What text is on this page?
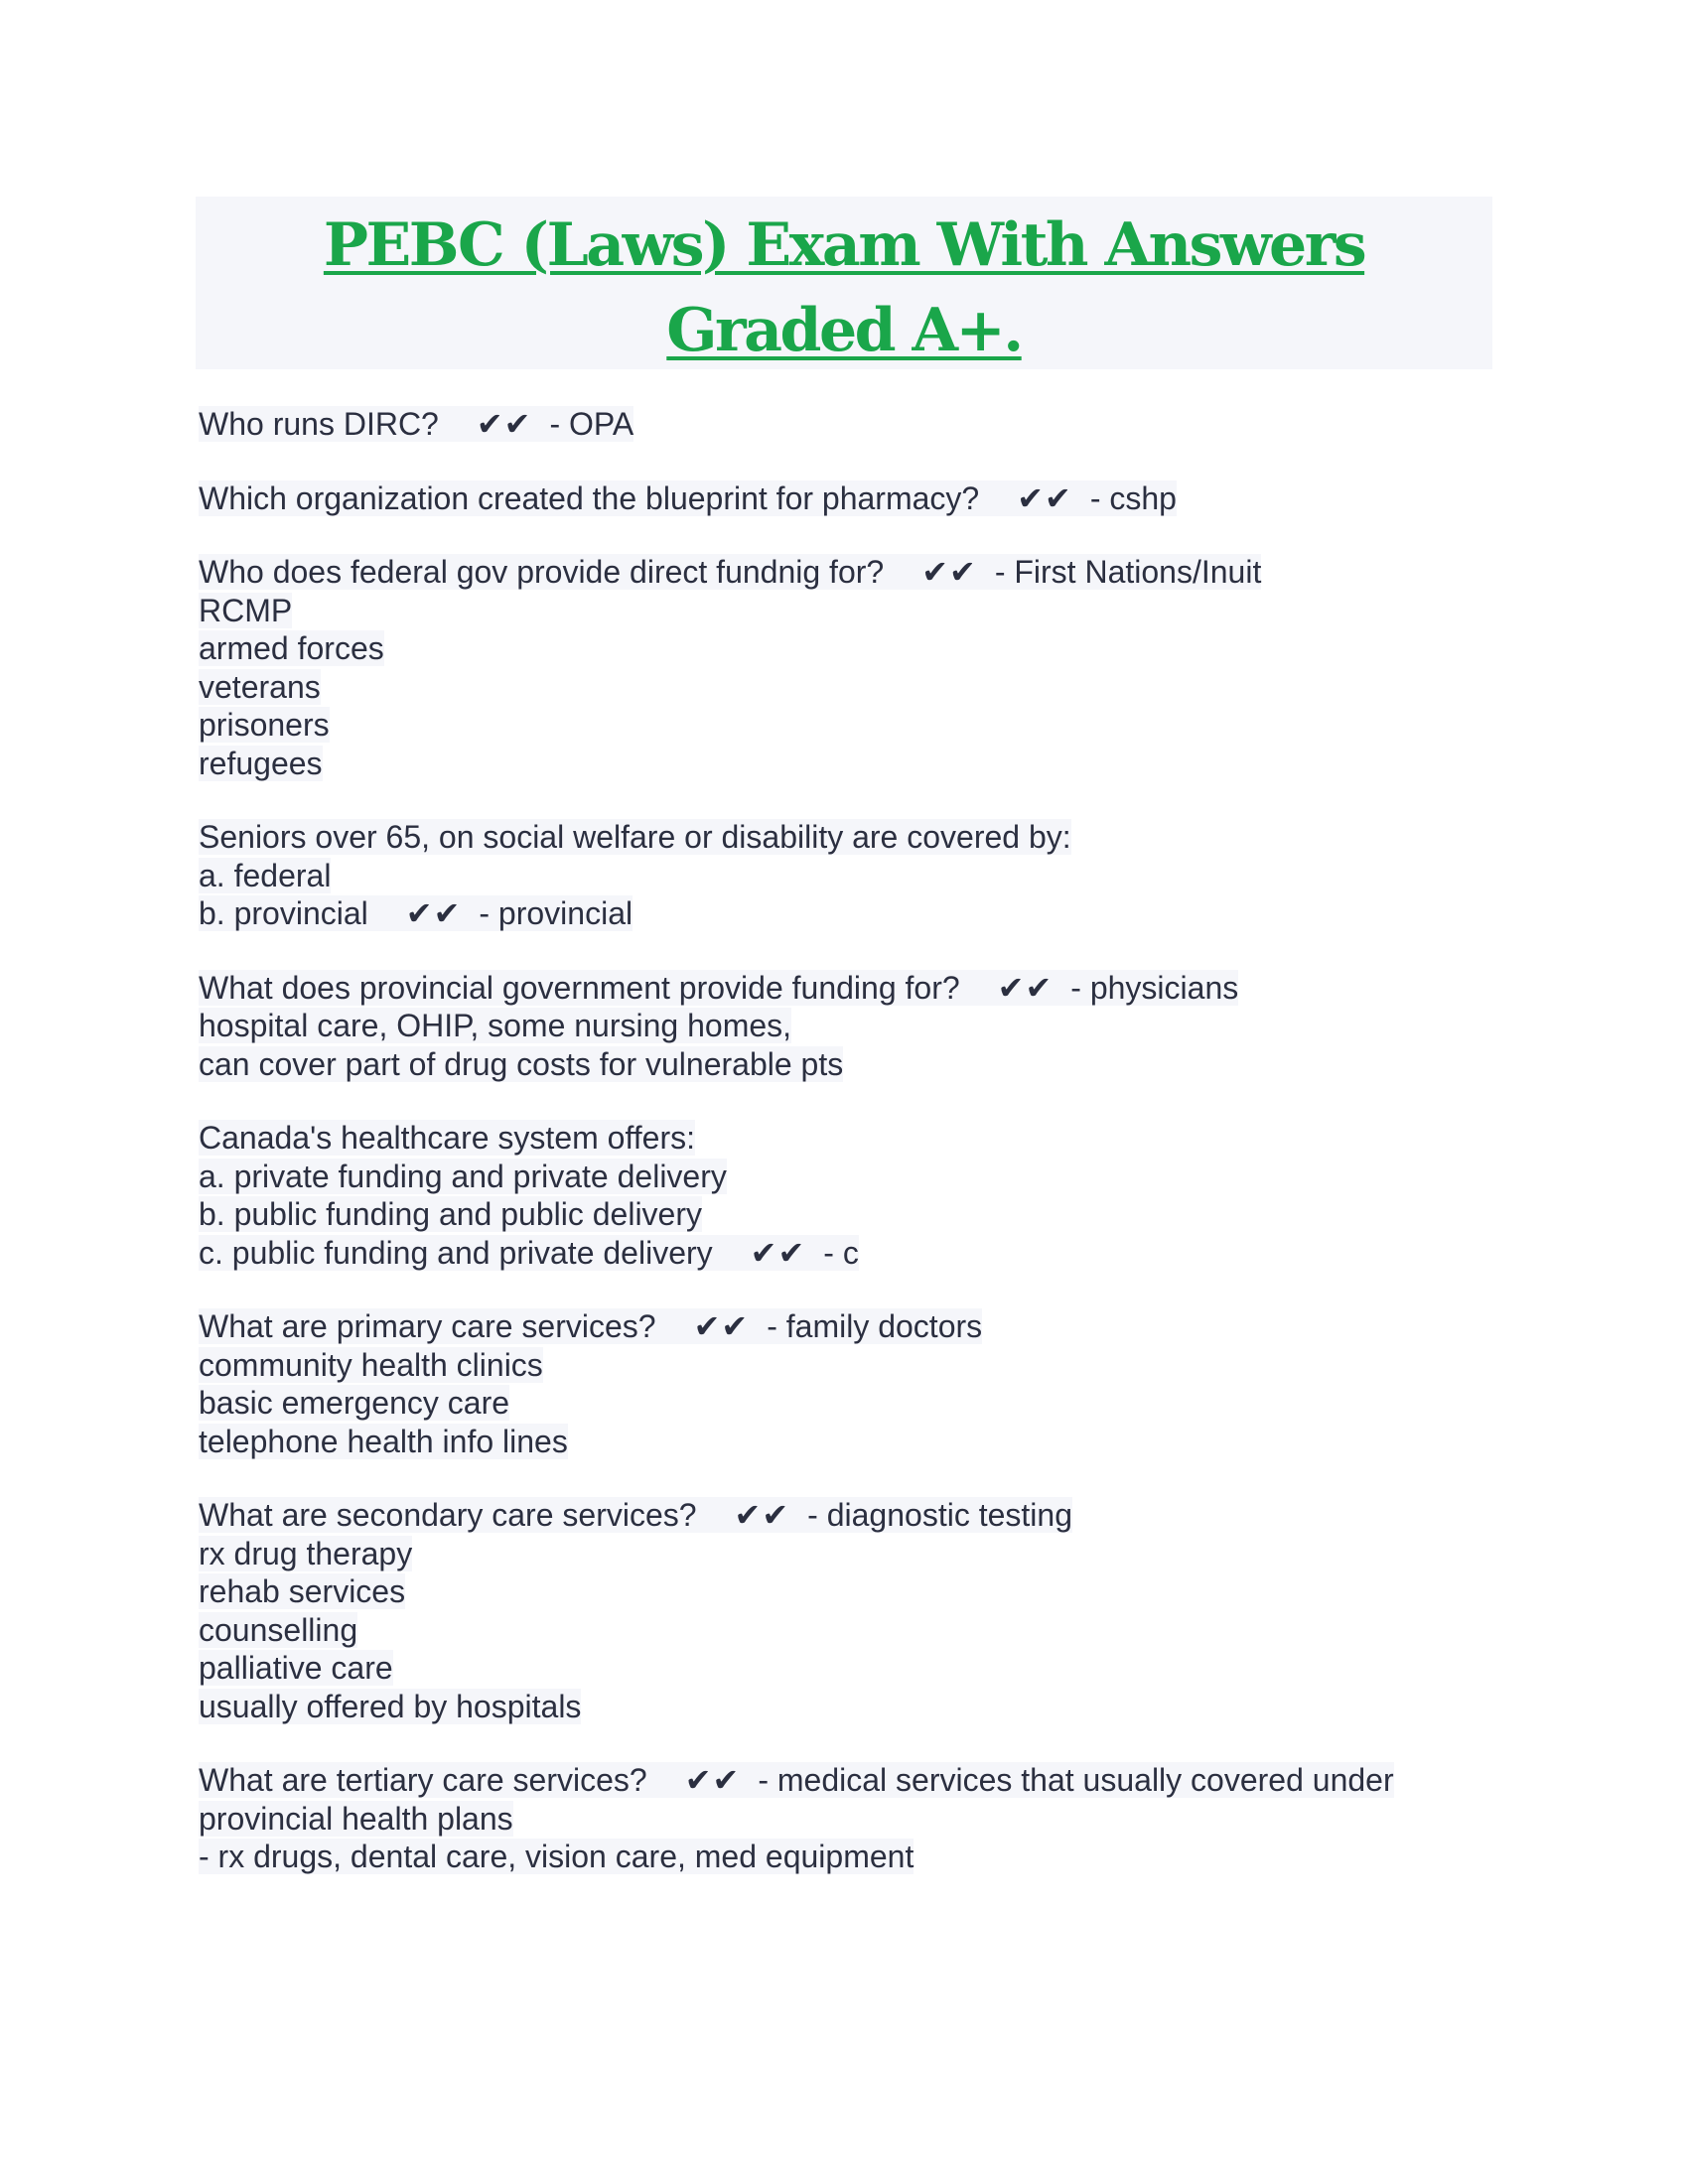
PEBC (Laws) Exam With Answers
Graded A+.
Who runs DIRC? ✔✔ - OPA
Which organization created the blueprint for pharmacy? ✔✔ - cshp
Who does federal gov provide direct fundnig for? ✔✔ - First Nations/Inuit
RCMP
armed forces
veterans
prisoners
refugees
Seniors over 65, on social welfare or disability are covered by:
a. federal
b. provincial ✔✔ - provincial
What does provincial government provide funding for? ✔✔ - physicians
hospital care, OHIP, some nursing homes,
can cover part of drug costs for vulnerable pts
Canada's healthcare system offers:
a. private funding and private delivery
b. public funding and public delivery
c. public funding and private delivery ✔✔ - c
What are primary care services? ✔✔ - family doctors
community health clinics
basic emergency care
telephone health info lines
What are secondary care services? ✔✔ - diagnostic testing
rx drug therapy
rehab services
counselling
palliative care
usually offered by hospitals
What are tertiary care services? ✔✔ - medical services that usually covered under
provincial health plans
- rx drugs, dental care, vision care, med equipment
